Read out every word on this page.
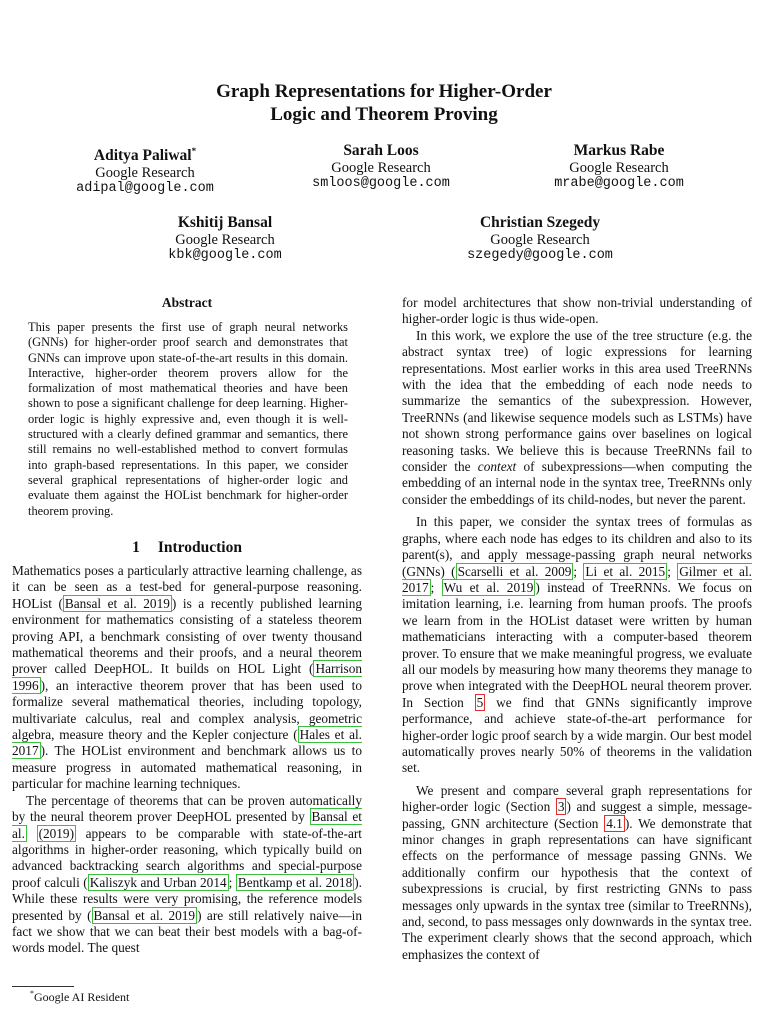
Graph Representations for Higher-Order
Logic and Theorem Proving
Aditya Paliwal*
Google Research
adipal@google.com
Sarah Loos
Google Research
smloos@google.com
Markus Rabe
Google Research
mrabe@google.com
Kshitij Bansal
Google Research
kbk@google.com
Christian Szegedy
Google Research
szegedy@google.com
Abstract
This paper presents the first use of graph neural networks (GNNs) for higher-order proof search and demonstrates that GNNs can improve upon state-of-the-art results in this domain. Interactive, higher-order theorem provers allow for the formalization of most mathematical theories and have been shown to pose a significant challenge for deep learning. Higher-order logic is highly expressive and, even though it is well-structured with a clearly defined grammar and semantics, there still remains no well-established method to convert formulas into graph-based representations. In this paper, we consider several graphical representations of higher-order logic and evaluate them against the HOList benchmark for higher-order theorem proving.
1 Introduction

Mathematics poses a particularly attractive learning challenge, as it can be seen as a test-bed for general-purpose reasoning. HOList ( Bansal et al. 2019 ) is a recently published learning environment for mathematics consisting of a stateless theorem proving API, a benchmark consisting of over twenty thousand mathematical theorems and their proofs, and a neural theorem prover called DeepHOL. It builds on HOL Light ( Harrison 1996 ), an interactive theorem prover that has been used to formalize several mathematical theories, including topology, multivariate calculus, real and complex analysis, geometric algebra, measure theory and the Kepler conjecture ( Hales et al. 2017 ). The HOList environment and benchmark allows us to measure progress in automated mathematical reasoning, in particular for machine learning techniques.

The percentage of theorems that can be proven automatically by the neural theorem prover DeepHOL presented by Bansal et al. (2019) appears to be comparable with state-of-the-art algorithms in higher-order reasoning, which typically build on advanced backtracking search algorithms and special-purpose proof calculi ( Kaliszyk and Urban 2014 ; Bentkamp et al. 2018 ). While these results were very promising, the reference models presented by ( Bansal et al. 2019 ) are still relatively naive—in fact we show that we can beat their best models with a bag-of-words model. The quest

for model architectures that show non-trivial understanding of higher-order logic is thus wide-open.

In this work, we explore the use of the tree structure (e.g. the abstract syntax tree) of logic expressions for learning representations. Most earlier works in this area used TreeRNNs with the idea that the embedding of each node needs to summarize the semantics of the subexpression. However, TreeRNNs (and likewise sequence models such as LSTMs) have not shown strong performance gains over baselines on logical reasoning tasks. We believe this is because TreeRNNs fail to consider the context of subexpressions—when computing the embedding of an internal node in the syntax tree, TreeRNNs only consider the embeddings of its child-nodes, but never the parent.

In this paper, we consider the syntax trees of formulas as graphs, where each node has edges to its children and also to its parent(s), and apply message-passing graph neural networks (GNNs) ( Scarselli et al. 2009 ; Li et al. 2015 ; Gilmer et al. 2017 ; Wu et al. 2019 ) instead of TreeRNNs. We focus on imitation learning, i.e. learning from human proofs. The proofs we learn from in the HOList dataset were written by human mathematicians interacting with a computer-based theorem prover. To ensure that we make meaningful progress, we evaluate all our models by measuring how many theorems they manage to prove when integrated with the DeepHOL neural theorem prover. In Section 5 we find that GNNs significantly improve performance, and achieve state-of-the-art performance for higher-order logic proof search by a wide margin. Our best model automatically proves nearly 50% of theorems in the validation set.

We present and compare several graph representations for higher-order logic (Section 3 ) and suggest a simple, message-passing, GNN architecture (Section 4.1 ). We demonstrate that minor changes in graph representations can have significant effects on the performance of message passing GNNs. We additionally confirm our hypothesis that the context of subexpressions is crucial, by first restricting GNNs to pass messages only upwards in the syntax tree (similar to TreeRNNs), and, second, to pass messages only downwards in the syntax tree. The experiment clearly shows that the second approach, which emphasizes the context of

*Google AI Resident
